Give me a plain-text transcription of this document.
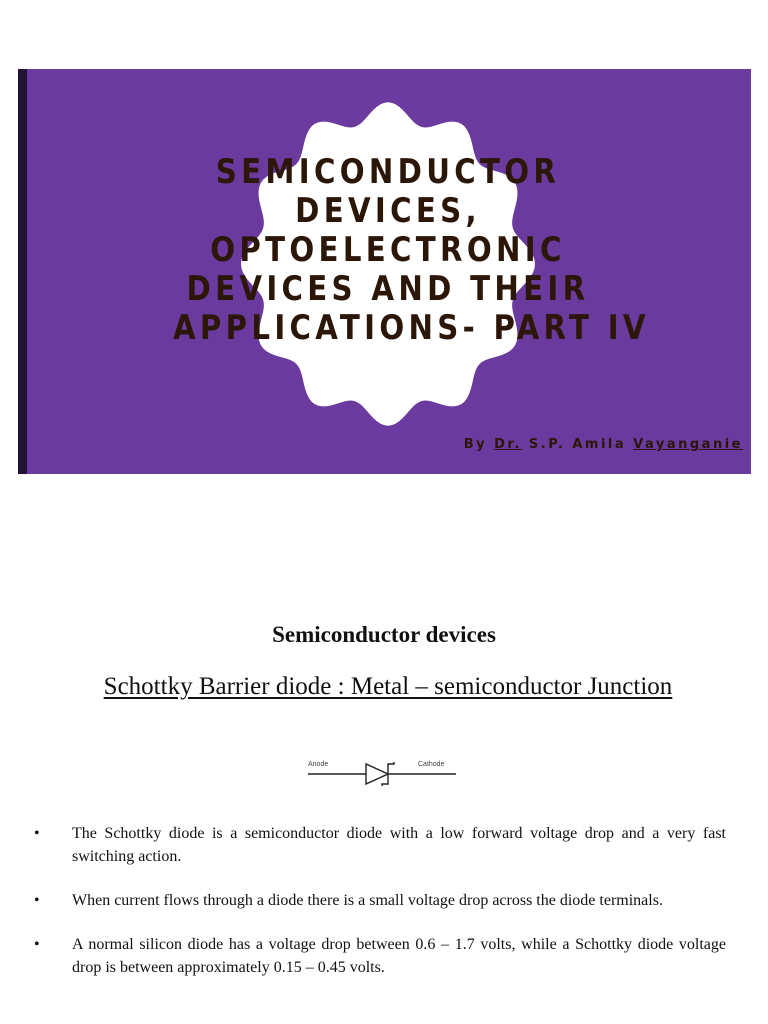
SEMICONDUCTOR
DEVICES,
OPTOELECTRONIC
DEVICES AND THEIR
APPLICATIONS- PART IV
By Dr. S.P. Amila Vayanganie
Semiconductor devices
Schottky Barrier diode : Metal – semiconductor Junction
Anode	Cathode
• The Schottky diode is a semiconductor diode with a low forward voltage drop and a very fast switching action.
• When current flows through a diode there is a small voltage drop across the diode terminals.
• A normal silicon diode has a voltage drop between 0.6 – 1.7 volts, while a Schottky diode voltage drop is between approximately 0.15 – 0.45 volts.
